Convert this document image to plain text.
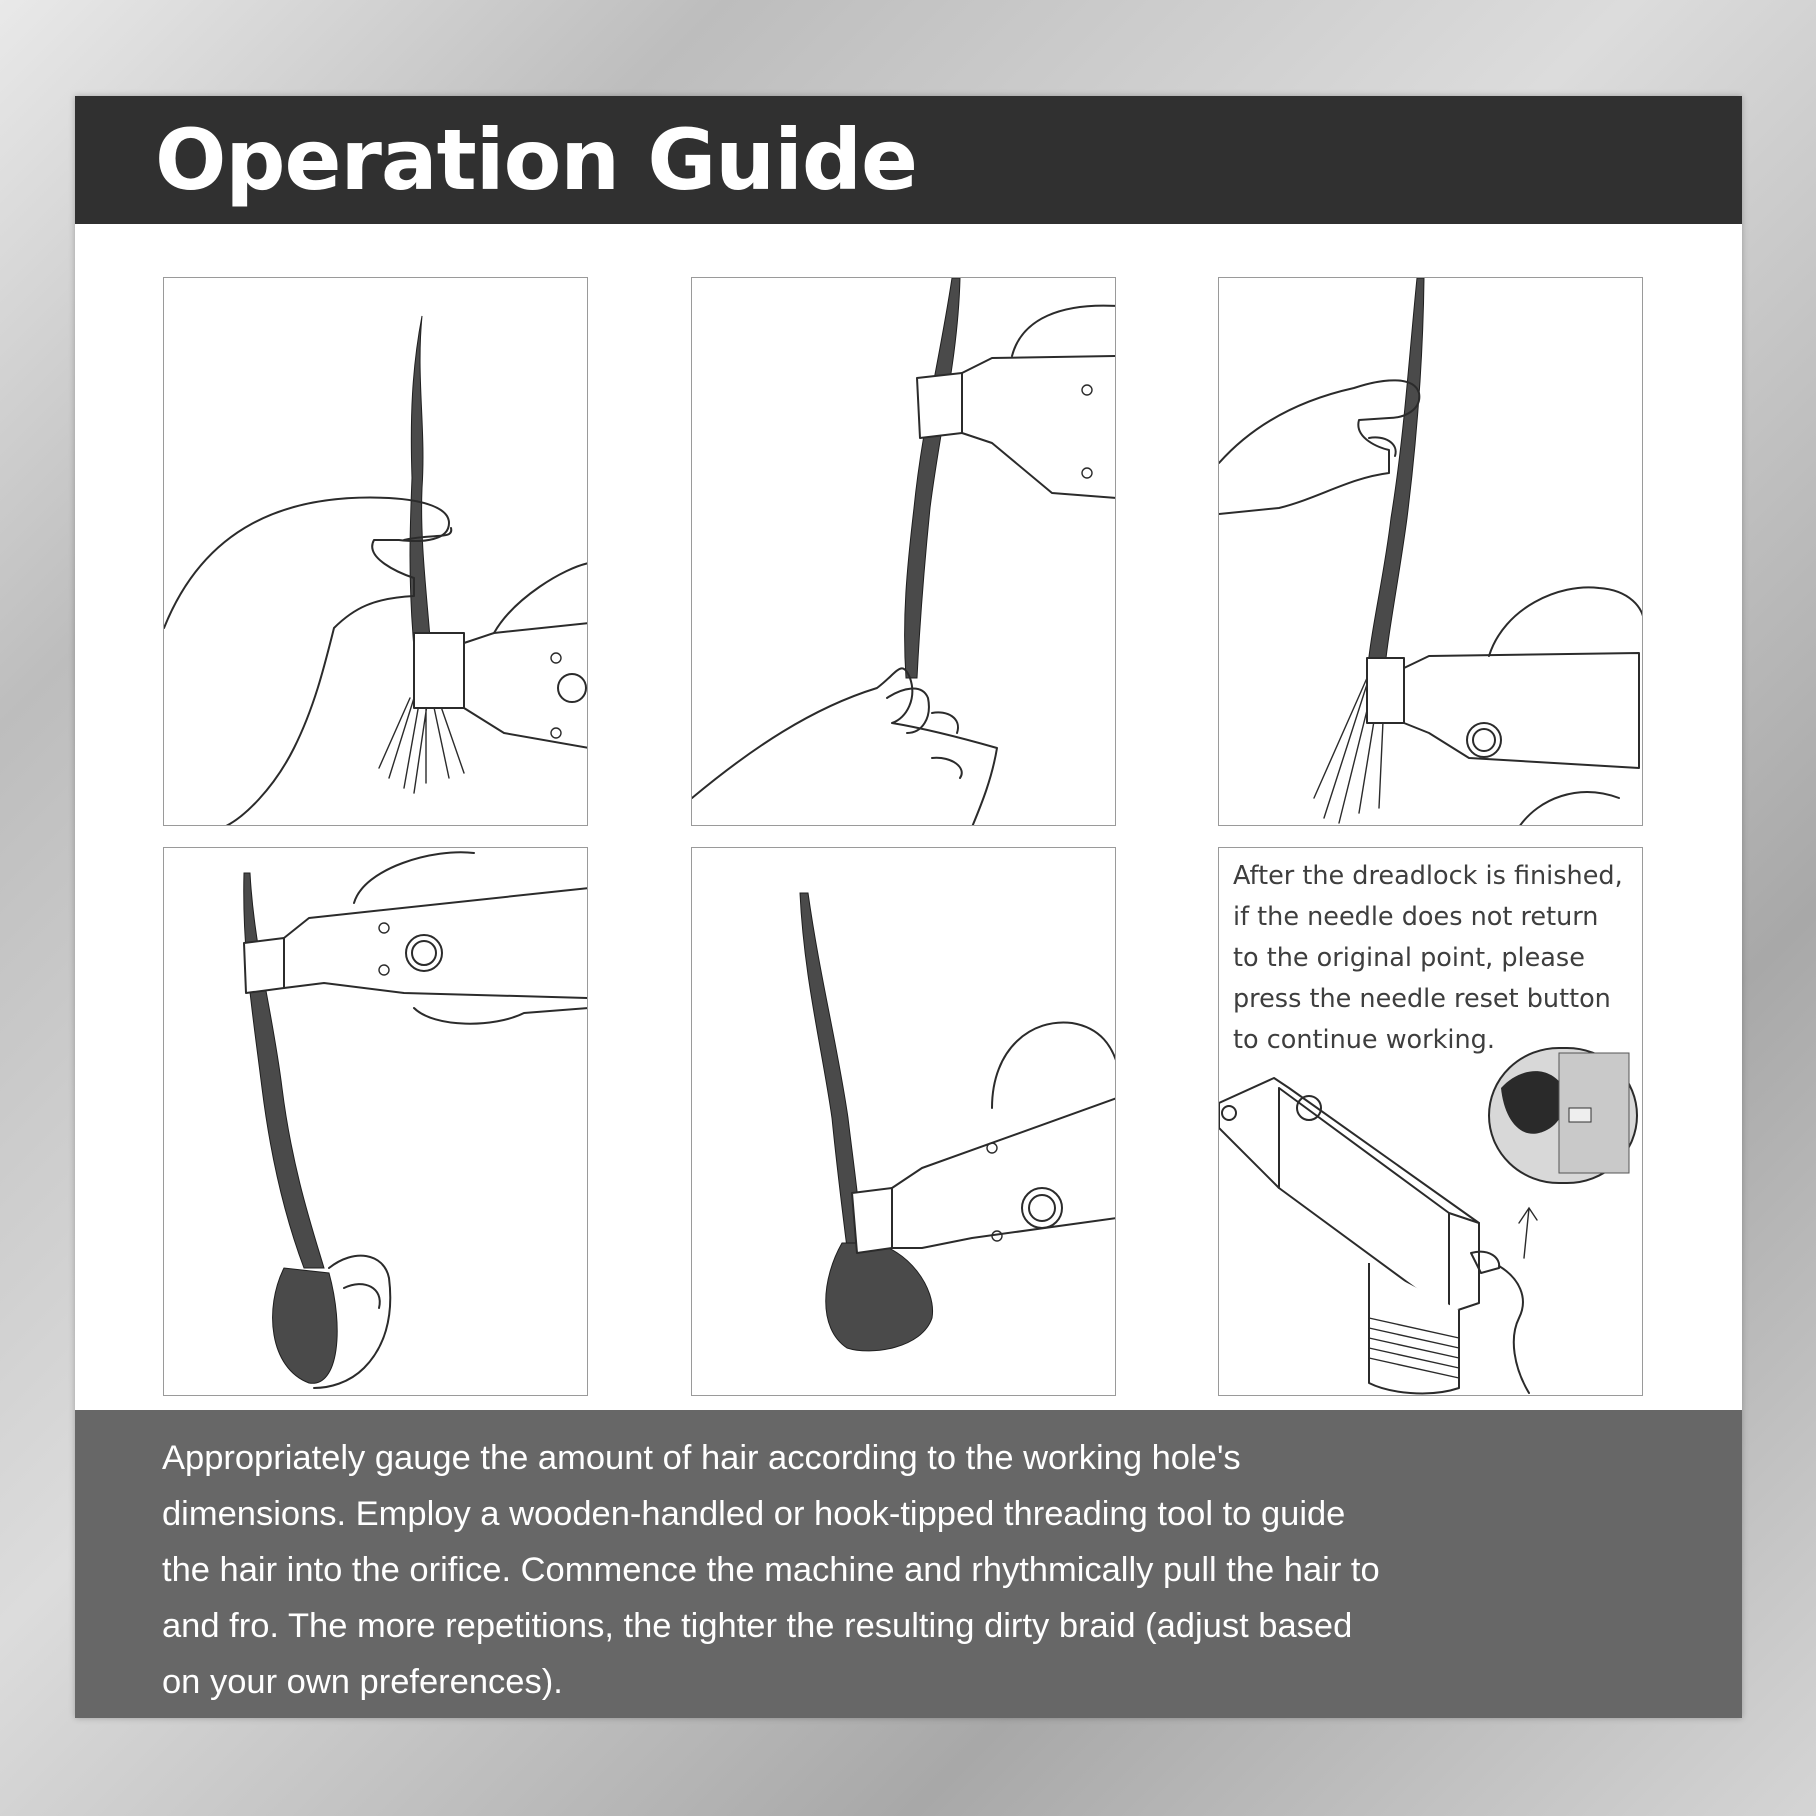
Operation Guide

After the dreadlock is finished,
if the needle does not return
to the original point, please
press the needle reset button
to continue working.

Appropriately gauge the amount of hair according to the working hole's
dimensions. Employ a wooden-handled or hook-tipped threading tool to guide
the hair into the orifice. Commence the machine and rhythmically pull the hair to
and fro. The more repetitions, the tighter the resulting dirty braid (adjust based
on your own preferences).
